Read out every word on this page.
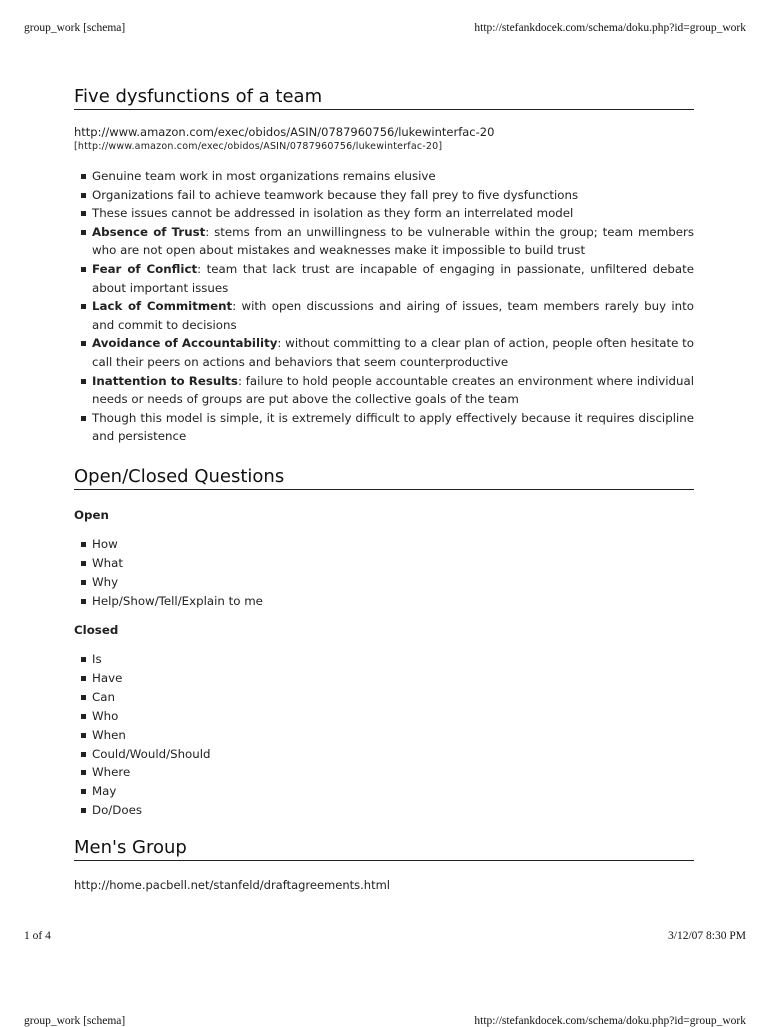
group_work [schema]	http://stefankdocek.com/schema/doku.php?id=group_work
Five dysfunctions of a team
http://www.amazon.com/exec/obidos/ASIN/0787960756/lukewinterfac-20
[http://www.amazon.com/exec/obidos/ASIN/0787960756/lukewinterfac-20]
Genuine team work in most organizations remains elusive
Organizations fail to achieve teamwork because they fall prey to five dysfunctions
These issues cannot be addressed in isolation as they form an interrelated model
Absence of Trust: stems from an unwillingness to be vulnerable within the group; team members who are not open about mistakes and weaknesses make it impossible to build trust
Fear of Conflict: team that lack trust are incapable of engaging in passionate, unfiltered debate about important issues
Lack of Commitment: with open discussions and airing of issues, team members rarely buy into and commit to decisions
Avoidance of Accountability: without committing to a clear plan of action, people often hesitate to call their peers on actions and behaviors that seem counterproductive
Inattention to Results: failure to hold people accountable creates an environment where individual needs or needs of groups are put above the collective goals of the team
Though this model is simple, it is extremely difficult to apply effectively because it requires discipline and persistence
Open/Closed Questions
Open
How
What
Why
Help/Show/Tell/Explain to me
Closed
Is
Have
Can
Who
When
Could/Would/Should
Where
May
Do/Does
Men's Group
http://home.pacbell.net/stanfeld/draftagreements.html
1 of 4	3/12/07 8:30 PM
group_work [schema]	http://stefankdocek.com/schema/doku.php?id=group_work
